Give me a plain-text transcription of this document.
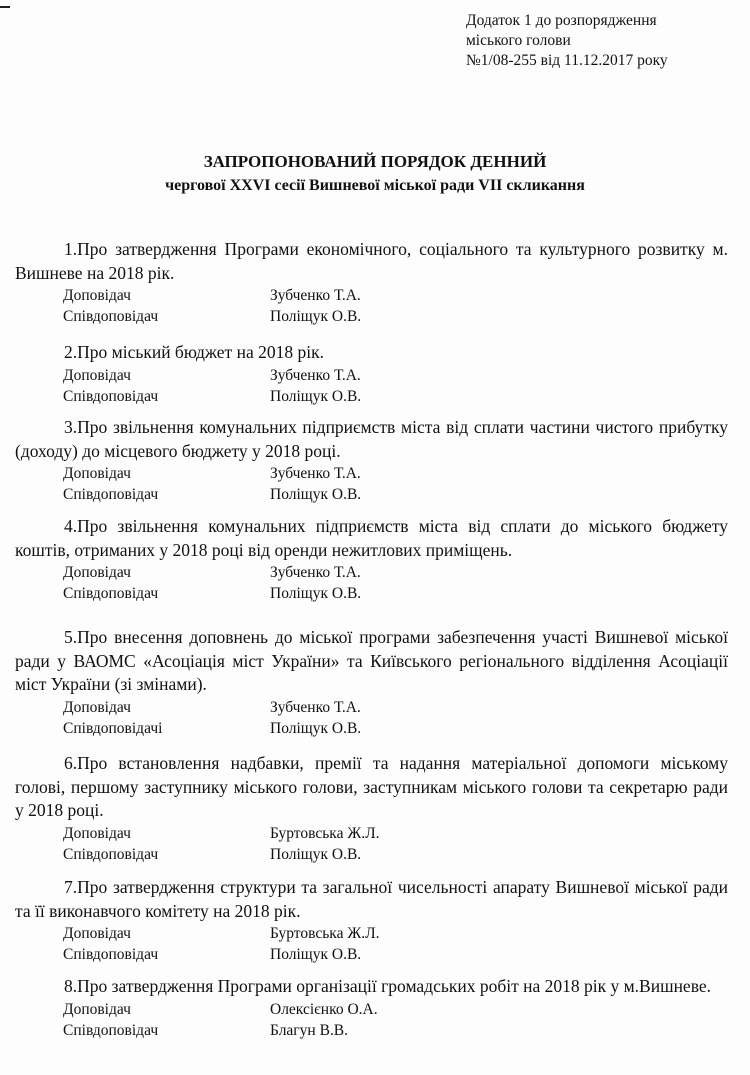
Додаток 1 до розпорядження
міського голови
№1/08-255 від 11.12.2017 року
ЗАПРОПОНОВАНИЙ ПОРЯДОК ДЕННИЙ
чергової XXVI сесії Вишневої міської ради VII скликання

1.Про затвердження Програми економічного, соціального та культурного розвитку м. Вишневе на 2018 рік.

Доповідач	Зубченко Т.А.
Співдоповідач	Поліщук О.В.

2.Про міський бюджет на 2018 рік.

Доповідач	Зубченко Т.А.
Співдоповідач	Поліщук О.В.

3.Про звільнення комунальних підприємств міста від сплати частини чистого прибутку (доходу) до місцевого бюджету у 2018 році.

Доповідач	Зубченко Т.А.
Співдоповідач	Поліщук О.В.

4.Про звільнення комунальних підприємств міста від сплати до міського бюджету коштів, отриманих у 2018 році від оренди нежитлових приміщень.

Доповідач	Зубченко Т.А.
Співдоповідач	Поліщук О.В.

5.Про внесення доповнень до міської програми забезпечення участі Вишневої міської ради у ВАОМС «Асоціація міст України» та Київського регіонального відділення Асоціації міст України (зі змінами).

Доповідач	Зубченко Т.А.
Співдоповідачі	Поліщук О.В.

6.Про встановлення надбавки, премії та надання матеріальної допомоги міському голові, першому заступнику міського голови, заступникам міського голови та секретарю ради у 2018 році.

Доповідач	Буртовська Ж.Л.
Співдоповідач	Поліщук О.В.

7.Про затвердження структури та загальної чисельності апарату Вишневої міської ради та її виконавчого комітету на 2018 рік.

Доповідач	Буртовська Ж.Л.
Співдоповідач	Поліщук О.В.

8.Про затвердження Програми організації громадських робіт на 2018 рік у м.Вишневе.

Доповідач	Олексієнко О.А.
Співдоповідач	Благун В.В.
